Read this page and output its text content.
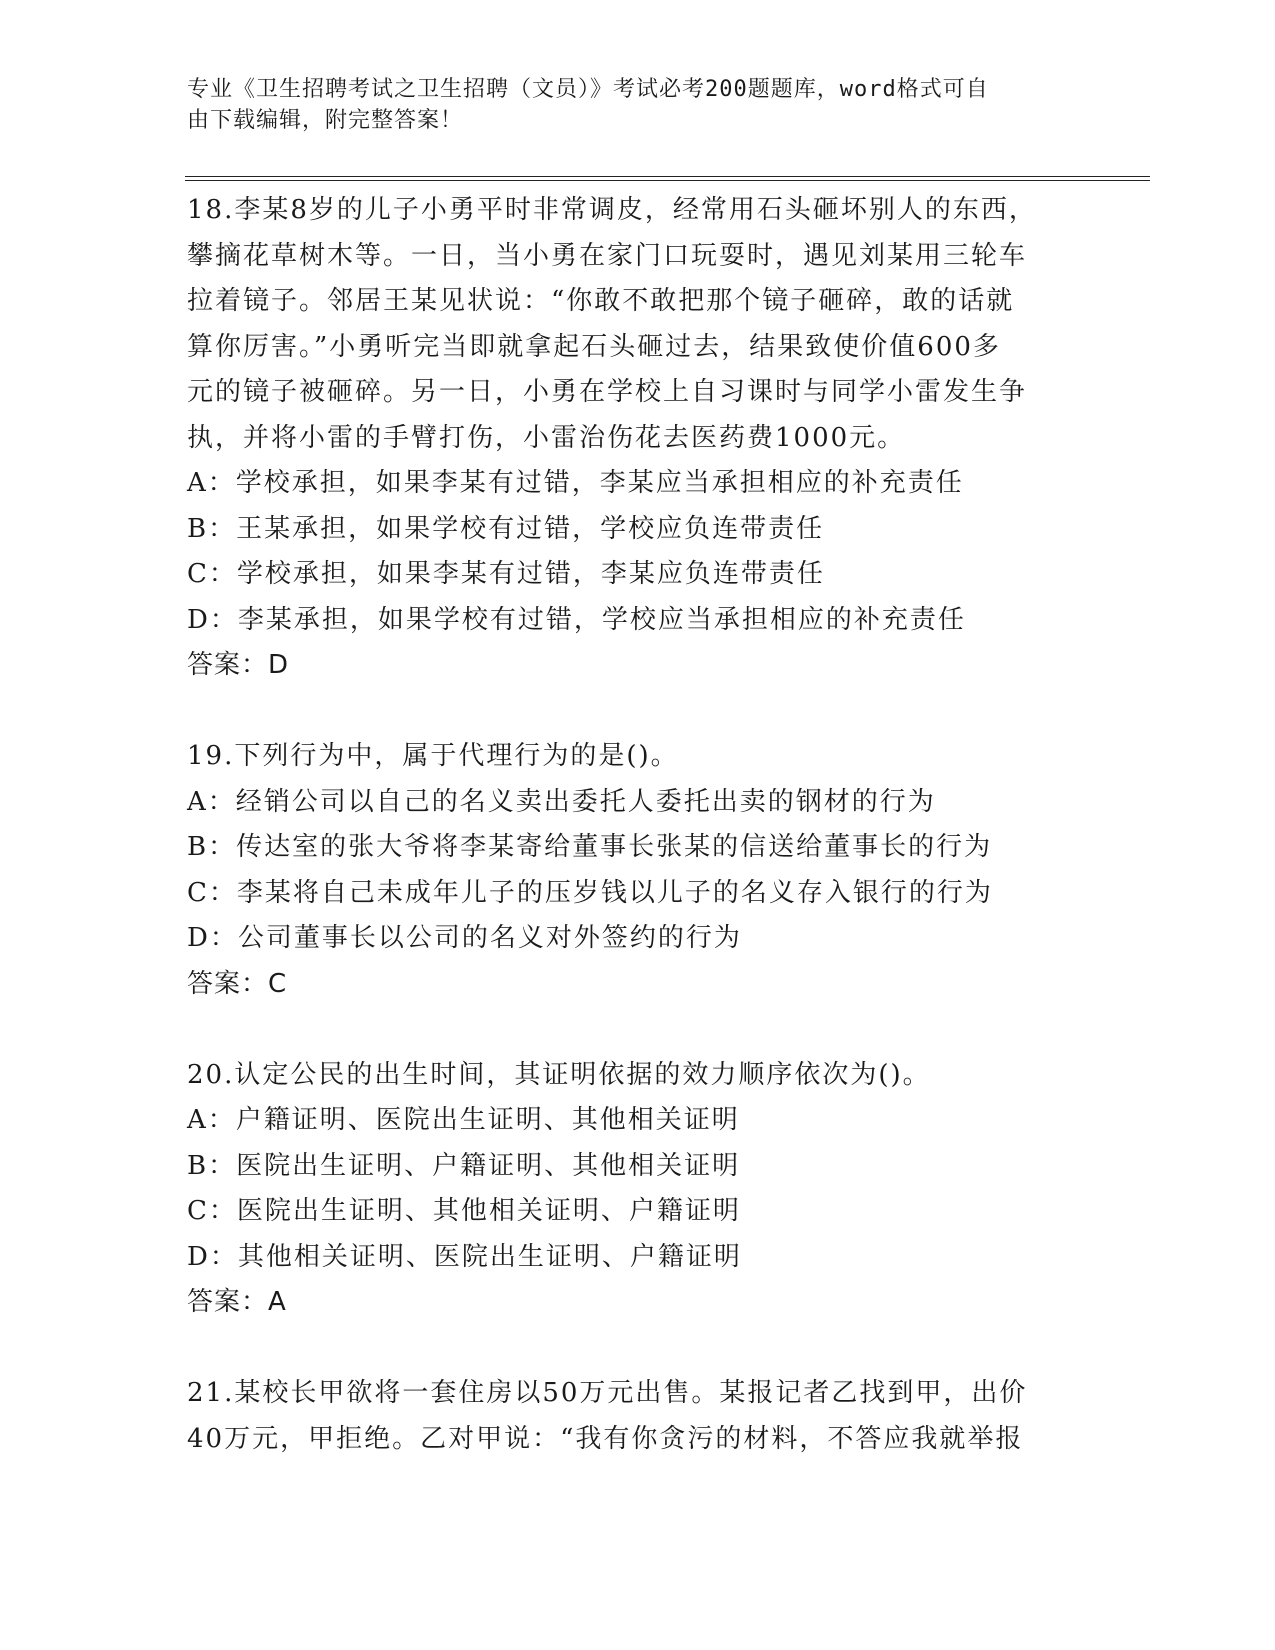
专业《卫生招聘考试之卫生招聘（文员）》考试必考200题题库，word格式可自
由下载编辑，附完整答案！
18.李某8岁的儿子小勇平时非常调皮，经常用石头砸坏别人的东西，
攀摘花草树木等。一日，当小勇在家门口玩耍时，遇见刘某用三轮车
拉着镜子。邻居王某见状说：“你敢不敢把那个镜子砸碎，敢的话就
算你厉害。”小勇听完当即就拿起石头砸过去，结果致使价值600多
元的镜子被砸碎。另一日，小勇在学校上自习课时与同学小雷发生争
执，并将小雷的手臂打伤，小雷治伤花去医药费1000元。
A：学校承担，如果李某有过错，李某应当承担相应的补充责任
B：王某承担，如果学校有过错，学校应负连带责任
C：学校承担，如果李某有过错，李某应负连带责任
D：李某承担，如果学校有过错，学校应当承担相应的补充责任
答案：D
19.下列行为中，属于代理行为的是()。
A：经销公司以自己的名义卖出委托人委托出卖的钢材的行为
B：传达室的张大爷将李某寄给董事长张某的信送给董事长的行为
C：李某将自己未成年儿子的压岁钱以儿子的名义存入银行的行为
D：公司董事长以公司的名义对外签约的行为
答案：C
20.认定公民的出生时间，其证明依据的效力顺序依次为()。
A：户籍证明、医院出生证明、其他相关证明
B：医院出生证明、户籍证明、其他相关证明
C：医院出生证明、其他相关证明、户籍证明
D：其他相关证明、医院出生证明、户籍证明
答案：A
21.某校长甲欲将一套住房以50万元出售。某报记者乙找到甲，出价
40万元，甲拒绝。乙对甲说：“我有你贪污的材料，不答应我就举报
